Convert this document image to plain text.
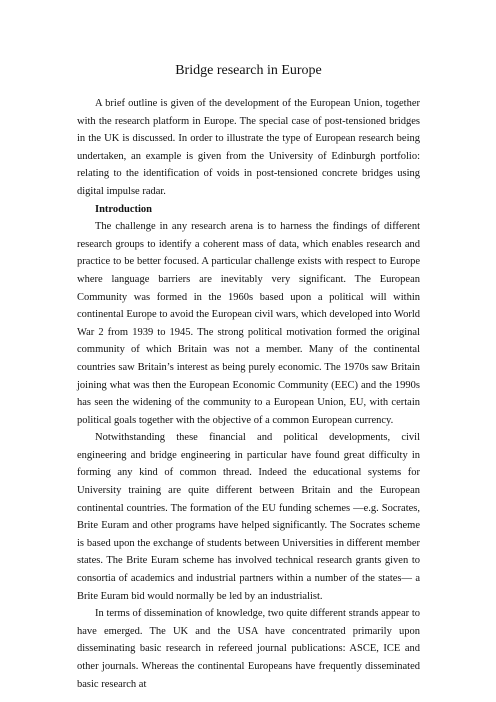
Bridge research in Europe

A brief outline is given of the development of the European Union, together with the research platform in Europe. The special case of post-tensioned bridges in the UK is discussed. In order to illustrate the type of European research being undertaken, an example is given from the University of Edinburgh portfolio: relating to the identification of voids in post-tensioned concrete bridges using digital impulse radar.

Introduction

The challenge in any research arena is to harness the findings of different research groups to identify a coherent mass of data, which enables research and practice to be better focused. A particular challenge exists with respect to Europe where language barriers are inevitably very significant. The European Community was formed in the 1960s based upon a political will within continental Europe to avoid the European civil wars, which developed into World War 2 from 1939 to 1945. The strong political motivation formed the original community of which Britain was not a member. Many of the continental countries saw Britain’s interest as being purely economic. The 1970s saw Britain joining what was then the European Economic Community (EEC) and the 1990s has seen the widening of the community to a European Union, EU, with certain political goals together with the objective of a common European currency.

Notwithstanding these financial and political developments, civil engineering and bridge engineering in particular have found great difficulty in forming any kind of common thread. Indeed the educational systems for University training are quite different between Britain and the European continental countries. The formation of the EU funding schemes —e.g. Socrates, Brite Euram and other programs have helped significantly. The Socrates scheme is based upon the exchange of students between Universities in different member states. The Brite Euram scheme has involved technical research grants given to consortia of academics and industrial partners within a number of the states— a Brite Euram bid would normally be led by an industrialist.

In terms of dissemination of knowledge, two quite different strands appear to have emerged. The UK and the USA have concentrated primarily upon disseminating basic research in refereed journal publications: ASCE, ICE and other journals. Whereas the continental Europeans have frequently disseminated basic research at
